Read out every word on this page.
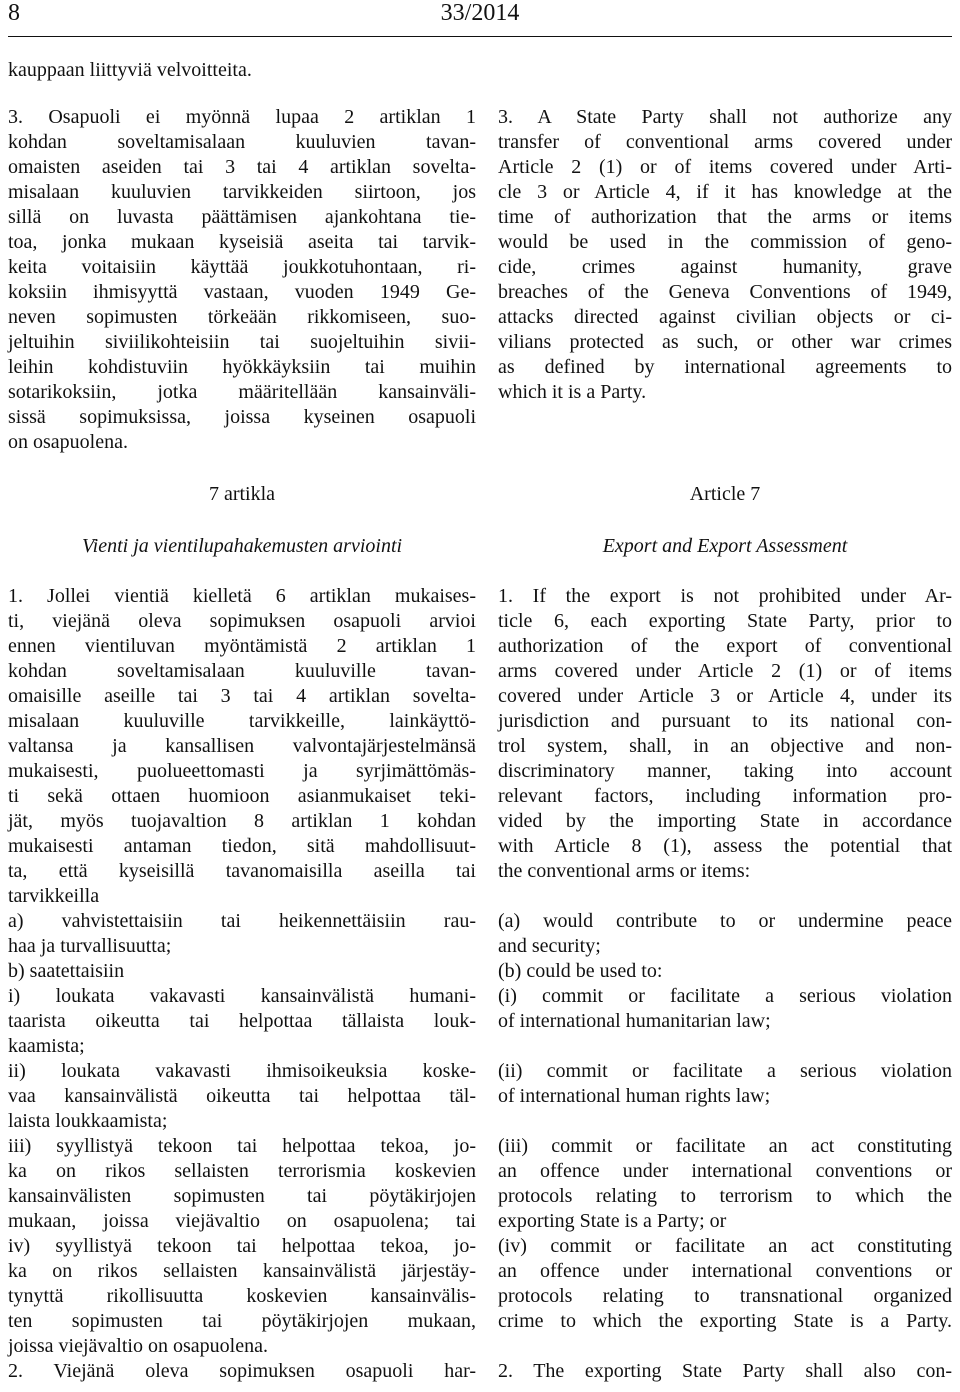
8	33/2014
kauppaan liittyviä velvoitteita.
3. Osapuoli ei myönnä lupaa 2 artiklan 1
kohdan soveltamisalaan kuuluvien tavan-
omaisten aseiden tai 3 tai 4 artiklan sovelta-
misalaan kuuluvien tarvikkeiden siirtoon, jos
sillä on luvasta päättämisen ajankohtana tie-
toa, jonka mukaan kyseisiä aseita tai tarvik-
keita voitaisiin käyttää joukkotuhontaan, ri-
koksiin ihmisyyttä vastaan, vuoden 1949 Ge-
neven sopimusten törkeään rikkomiseen, suo-
jeltuihin siviilikohteisiin tai suojeltuihin sivii-
leihin kohdistuviin hyökkäyksiin tai muihin
sotarikoksiin, jotka määritellään kansainväli-
sissä sopimuksissa, joissa kyseinen osapuoli
on osapuolena.
7 artikla
Vienti ja vientilupahakemusten arviointi
1. Jollei vientiä kielletä 6 artiklan mukaises-
ti, viejänä oleva sopimuksen osapuoli arvioi
ennen vientiluvan myöntämistä 2 artiklan 1
kohdan soveltamisalaan kuuluville tavan-
omaisille aseille tai 3 tai 4 artiklan sovelta-
misalaan kuuluville tarvikkeille, lainkäyttö-
valtansa ja kansallisen valvontajärjestelmänsä
mukaisesti, puolueettomasti ja syrjimättömäs-
ti sekä ottaen huomioon asianmukaiset teki-
jät, myös tuojavaltion 8 artiklan 1 kohdan
mukaisesti antaman tiedon, sitä mahdollisuut-
ta, että kyseisillä tavanomaisilla aseilla tai
tarvikkeilla
a) vahvistettaisiin tai heikennettäisiin rau-
haa ja turvallisuutta;
b) saatettaisiin
i) loukata vakavasti kansainvälistä humani-
taarista oikeutta tai helpottaa tällaista louk-
kaamista;
ii) loukata vakavasti ihmisoikeuksia koske-
vaa kansainvälistä oikeutta tai helpottaa täl-
laista loukkaamista;
iii) syyllistyä tekoon tai helpottaa tekoa, jo-
ka on rikos sellaisten terrorismia koskevien
kansainvälisten sopimusten tai pöytäkirjojen
mukaan, joissa viejävaltio on osapuolena; tai
iv) syyllistyä tekoon tai helpottaa tekoa, jo-
ka on rikos sellaisten kansainvälistä järjestäy-
tynyttä rikollisuutta koskevien kansainvälis-
ten sopimusten tai pöytäkirjojen mukaan,
joissa viejävaltio on osapuolena.
2. Viejänä oleva sopimuksen osapuoli har-
3. A State Party shall not authorize any
transfer of conventional arms covered under
Article 2 (1) or of items covered under Arti-
cle 3 or Article 4, if it has knowledge at the
time of authorization that the arms or items
would be used in the commission of geno-
cide, crimes against humanity, grave
breaches of the Geneva Conventions of 1949,
attacks directed against civilian objects or ci-
vilians protected as such, or other war crimes
as defined by international agreements to
which it is a Party.
Article 7
Export and Export Assessment
1. If the export is not prohibited under Ar-
ticle 6, each exporting State Party, prior to
authorization of the export of conventional
arms covered under Article 2 (1) or of items
covered under Article 3 or Article 4, under its
jurisdiction and pursuant to its national con-
trol system, shall, in an objective and non-
discriminatory manner, taking into account
relevant factors, including information pro-
vided by the importing State in accordance
with Article 8 (1), assess the potential that
the conventional arms or items:
(a) would contribute to or undermine peace
and security;
(b) could be used to:
(i) commit or facilitate a serious violation
of international humanitarian law;
(ii) commit or facilitate a serious violation
of international human rights law;
(iii) commit or facilitate an act constituting
an offence under international conventions or
protocols relating to terrorism to which the
exporting State is a Party; or
(iv) commit or facilitate an act constituting
an offence under international conventions or
protocols relating to transnational organized
crime to which the exporting State is a Party.
2. The exporting State Party shall also con-
